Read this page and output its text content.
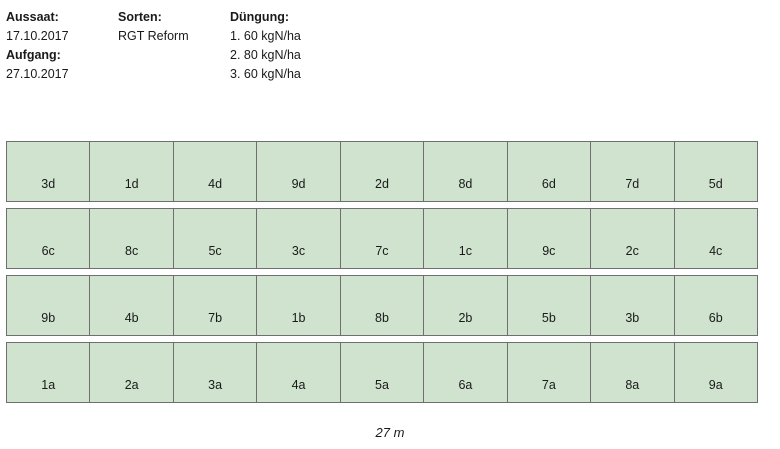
Aussaat:
17.10.2017
Aufgang:
27.10.2017
Sorten:
RGT Reform
Düngung:
1. 60 kgN/ha
2. 80 kgN/ha
3. 60 kgN/ha
3d	1d	4d	9d	2d	8d	6d	7d	5d
6c	8c	5c	3c	7c	1c	9c	2c	4c
9b	4b	7b	1b	8b	2b	5b	3b	6b
1a	2a	3a	4a	5a	6a	7a	8a	9a
27 m
